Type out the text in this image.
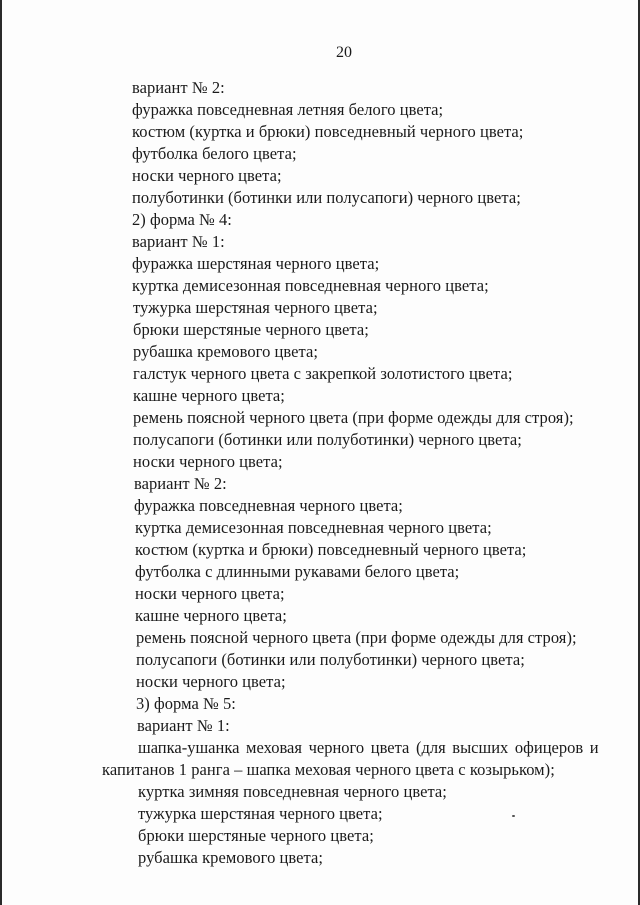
20
вариант № 2:
фуражка повседневная летняя белого цвета;
костюм (куртка и брюки) повседневный черного цвета;
футболка белого цвета;
носки черного цвета;
полуботинки (ботинки или полусапоги) черного цвета;
2) форма № 4:
вариант № 1:
фуражка шерстяная черного цвета;
куртка демисезонная повседневная черного цвета;
тужурка шерстяная черного цвета;
брюки шерстяные черного цвета;
рубашка кремового цвета;
галстук черного цвета с закрепкой золотистого цвета;
кашне черного цвета;
ремень поясной черного цвета (при форме одежды для строя);
полусапоги (ботинки или полуботинки) черного цвета;
носки черного цвета;
вариант № 2:
фуражка повседневная черного цвета;
куртка демисезонная повседневная черного цвета;
костюм (куртка и брюки) повседневный черного цвета;
футболка с длинными рукавами белого цвета;
носки черного цвета;
кашне черного цвета;
ремень поясной черного цвета (при форме одежды для строя);
полусапоги (ботинки или полуботинки) черного цвета;
носки черного цвета;
3) форма № 5:
вариант № 1:
шапка-ушанка меховая черного цвета (для высших офицеров и
капитанов 1 ранга – шапка меховая черного цвета с козырьком);
куртка зимняя повседневная черного цвета;
тужурка шерстяная черного цвета;
брюки шерстяные черного цвета;
рубашка кремового цвета;
